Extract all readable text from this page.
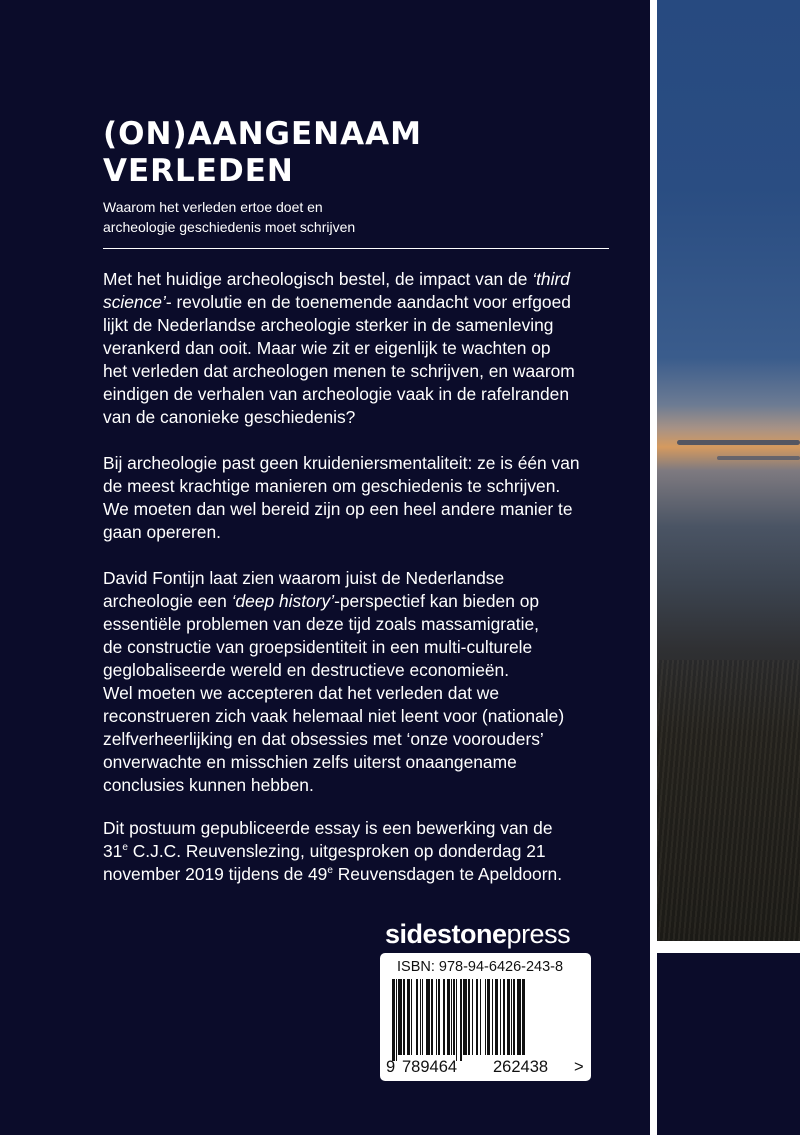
(ON)AANGENAAM
VERLEDEN

Waarom het verleden ertoe doet en
archeologie geschiedenis moet schrijven

Met het huidige archeologisch bestel, de impact van de ‘third
science’- revolutie en de toenemende aandacht voor erfgoed
lijkt de Nederlandse archeologie sterker in de samenleving
verankerd dan ooit. Maar wie zit er eigenlijk te wachten op
het verleden dat archeologen menen te schrijven, en waarom
eindigen de verhalen van archeologie vaak in de rafelranden
van de canonieke geschiedenis?

Bij archeologie past geen kruideniersmentaliteit: ze is één van
de meest krachtige manieren om geschiedenis te schrijven.
We moeten dan wel bereid zijn op een heel andere manier te
gaan opereren.

David Fontijn laat zien waarom juist de Nederlandse
archeologie een ‘deep history’-perspectief kan bieden op
essentiële problemen van deze tijd zoals massamigratie,
de constructie van groepsidentiteit in een multi-culturele
geglobaliseerde wereld en destructieve economieën.
Wel moeten we accepteren dat het verleden dat we
reconstrueren zich vaak helemaal niet leent voor (nationale)
zelfverheerlijking en dat obsessies met ‘onze voorouders’
onverwachte en misschien zelfs uiterst onaangename
conclusies kunnen hebben.

Dit postuum gepubliceerde essay is een bewerking van de
31e C.J.C. Reuvenslezing, uitgesproken op donderdag 21
november 2019 tijdens de 49e Reuvensdagen te Apeldoorn.

sidestonepress

ISBN: 978-94-6426-243-8

9 789464 262438 >
